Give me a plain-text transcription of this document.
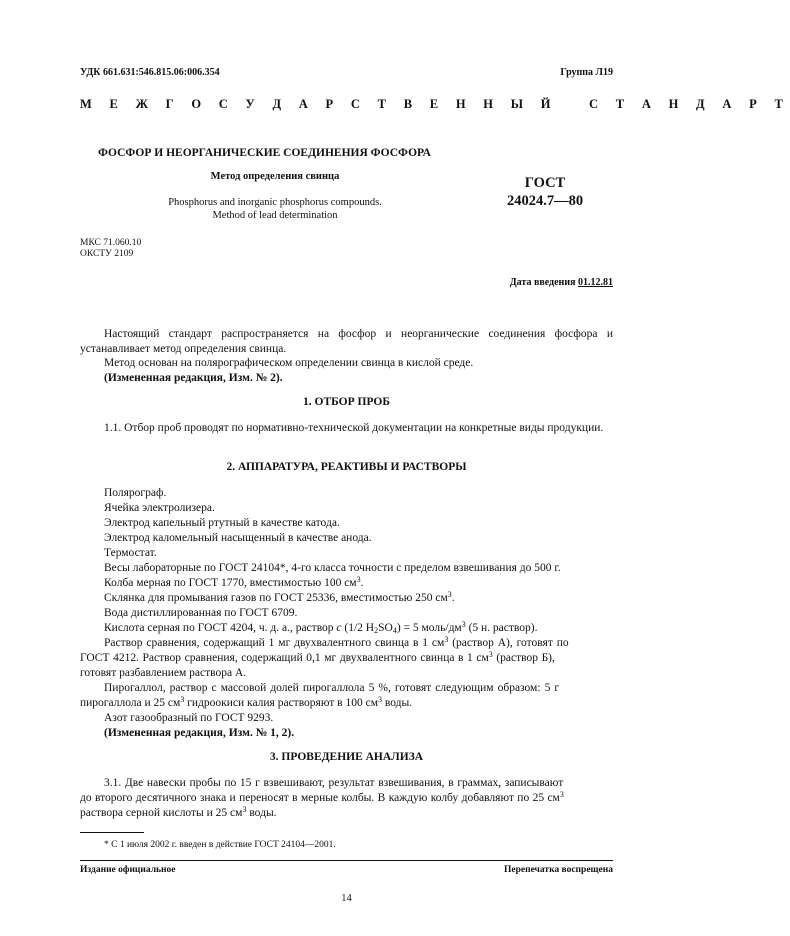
УДК 661.631:546.815.06:006.354	Группа Л19
М Е Ж Г О С У Д А Р С Т В Е Н Н Ы Й   С Т А Н Д А Р Т
ФОСФОР И НЕОРГАНИЧЕСКИЕ СОЕДИНЕНИЯ ФОСФОРА
Метод определения свинца
Phosphorus and inorganic phosphorus compounds.
Method of lead determination
ГОСТ
24024.7—80
МКС 71.060.10
ОКСТУ 2109
Дата введения 01.12.81
Настоящий стандарт распространяется на фосфор и неорганические соединения фосфора и устанавливает метод определения свинца.
Метод основан на полярографическом определении свинца в кислой среде.
(Измененная редакция, Изм. № 2).
1. ОТБОР ПРОБ
1.1. Отбор проб проводят по нормативно-технической документации на конкретные виды продукции.
2. АППАРАТУРА, РЕАКТИВЫ И РАСТВОРЫ
Полярограф.
Ячейка электролизера.
Электрод капельный ртутный в качестве катода.
Электрод каломельный насыщенный в качестве анода.
Термостат.
Весы лабораторные по ГОСТ 24104*, 4-го класса точности с пределом взвешивания до 500 г.
Колба мерная по ГОСТ 1770, вместимостью 100 $см^3$.
Склянка для промывания газов по ГОСТ 25336, вместимостью 250 $см^3$.
Вода дистиллированная по ГОСТ 6709.
Кислота серная по ГОСТ 4204, ч. д. а., раствор c (1/2 $H_2SO_4) = 5$ моль/$дм^3$ (5 н. раствор).
Раствор сравнения, содержащий 1 мг двухвалентного свинца в 1 $см^3$ (раствор А), готовят по
ГОСТ 4212. Раствор сравнения, содержащий 0,1 мг двухвалентного свинца в 1 $см^3$ (раствор Б),
готовят разбавлением раствора А.
Пирогаллол, раствор с массовой долей пирогаллола 5 %, готовят следующим образом: 5 г
пирогаллола и 25 $см^3$ гидроокиси калия растворяют в 100 $см^3$ воды.
Азот газообразный по ГОСТ 9293.
(Измененная редакция, Изм. № 1, 2).
3. ПРОВЕДЕНИЕ АНАЛИЗА
3.1. Две навески пробы по 15 г взвешивают, результат взвешивания, в граммах, записывают
до второго десятичного знака и переносят в мерные колбы. В каждую колбу добавляют по 25 $см^3$
раствора серной кислоты и 25 $см^3$ воды.
* С 1 июля 2002 г. введен в действие ГОСТ 24104—2001.
Издание официальное	Перепечатка воспрещена
14
